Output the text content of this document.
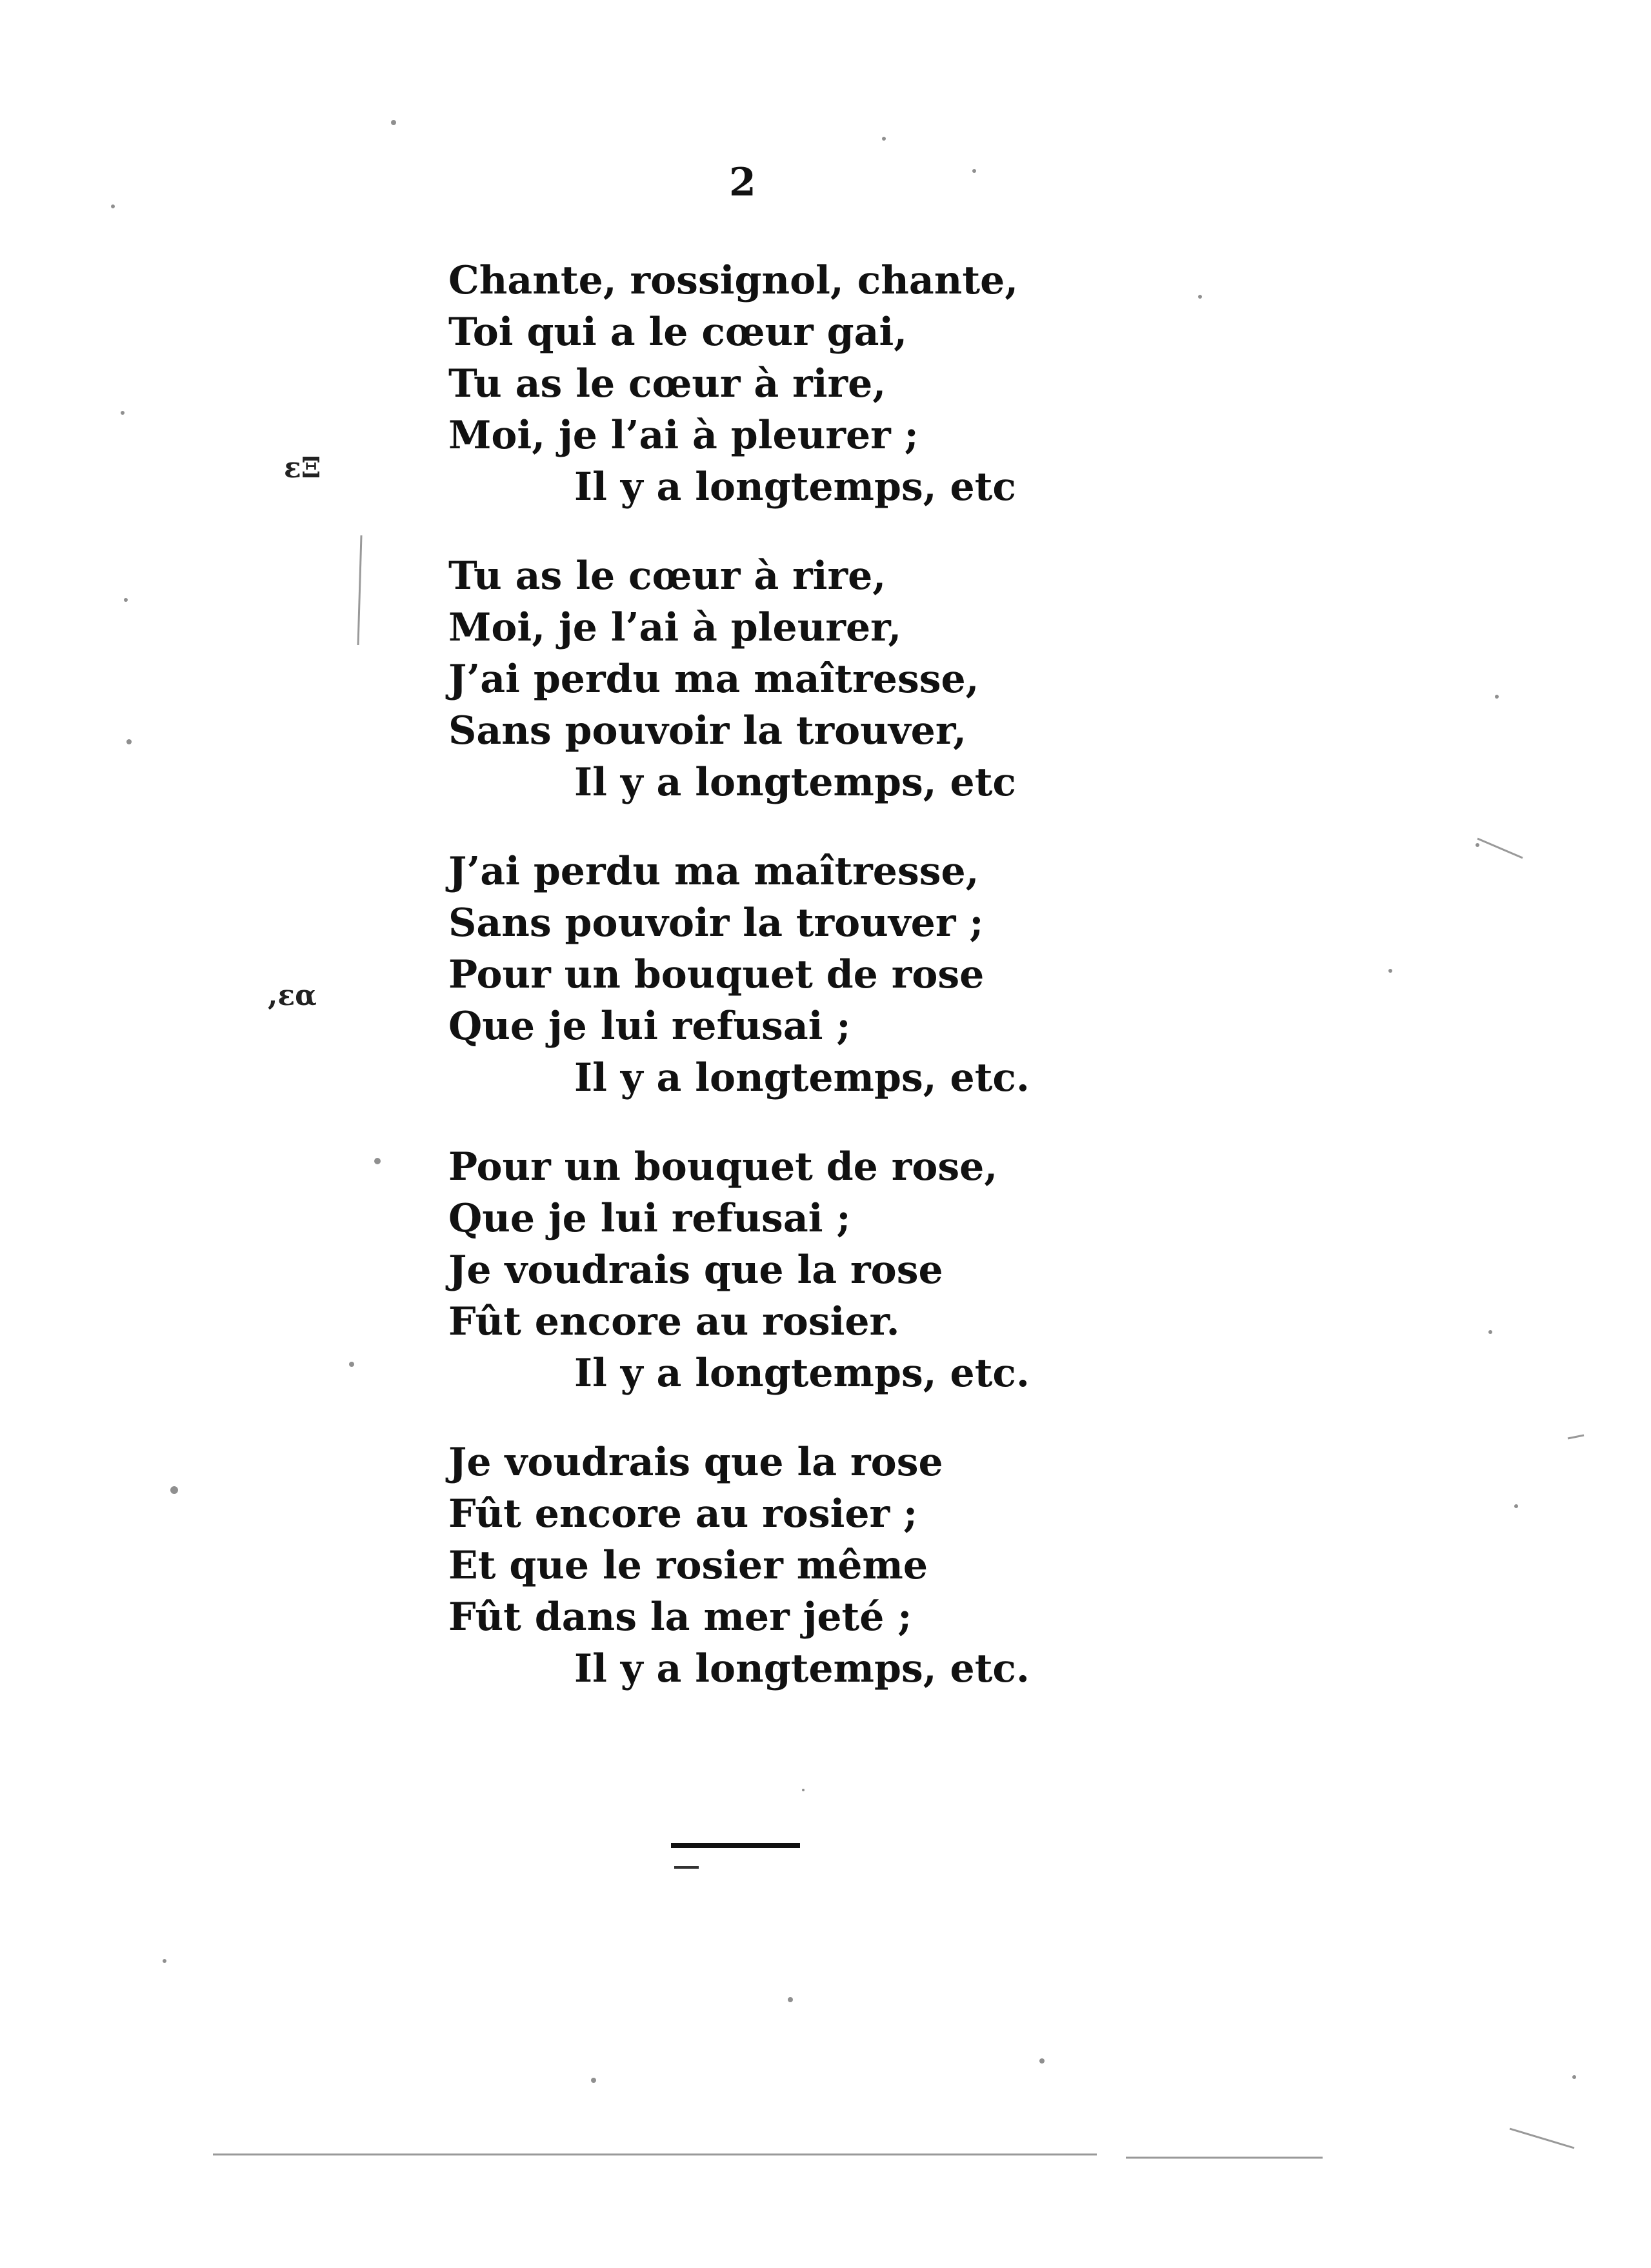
2
εΞ
,εα
Chante, rossignol, chante,
Toi qui a le cœur gai,
Tu as le cœur à rire,
Moi, je l’ai à pleurer ;
Il y a longtemps, etc
Tu as le cœur à rire,
Moi, je l’ai à pleurer,
J’ai perdu ma maîtresse,
Sans pouvoir la trouver,
Il y a longtemps, etc
J’ai perdu ma maîtresse,
Sans pouvoir la trouver ;
Pour un bouquet de rose
Que je lui refusai ;
Il y a longtemps, etc.
Pour un bouquet de rose,
Que je lui refusai ;
Je voudrais que la rose
Fût encore au rosier.
Il y a longtemps, etc.
Je voudrais que la rose
Fût encore au rosier ;
Et que le rosier même
Fût dans la mer jeté ;
Il y a longtemps, etc.
